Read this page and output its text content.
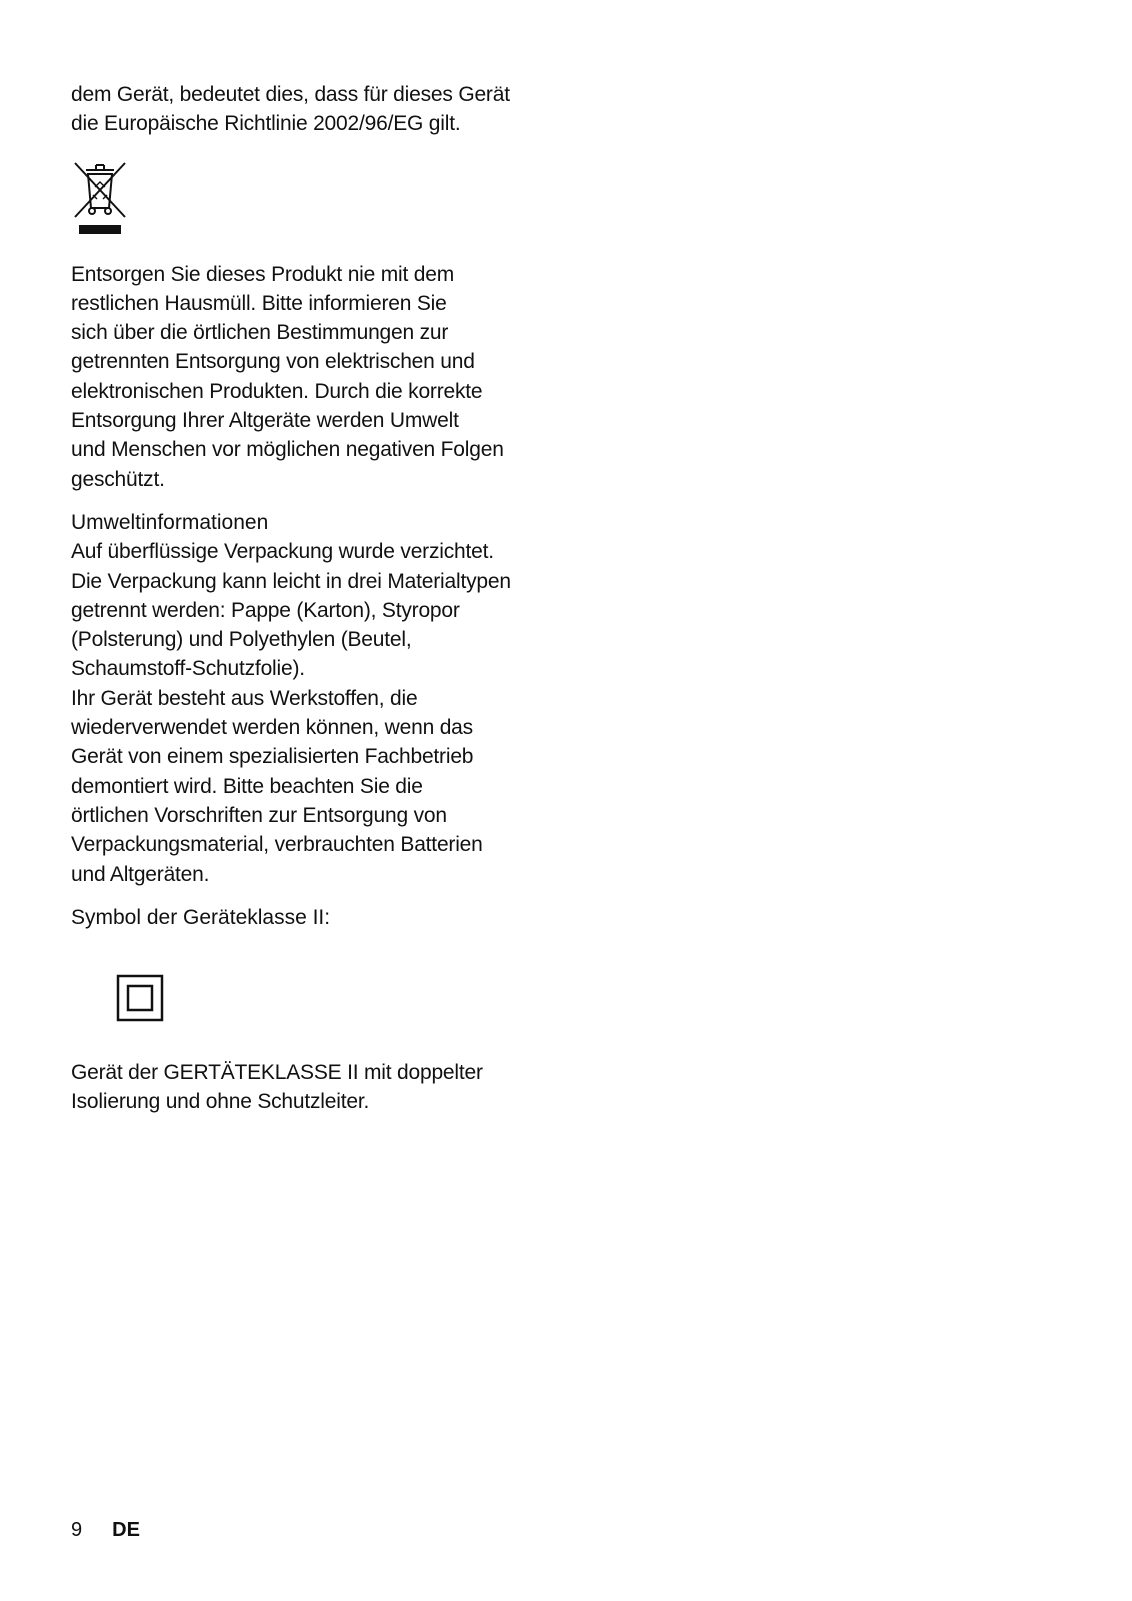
dem Gerät, bedeutet dies, dass für dieses Gerät
die Europäische Richtlinie 2002/96/EG gilt.

Entsorgen Sie dieses Produkt nie mit dem
restlichen Hausmüll. Bitte informieren Sie
sich über die örtlichen Bestimmungen zur
getrennten Entsorgung von elektrischen und
elektronischen Produkten. Durch die korrekte
Entsorgung Ihrer Altgeräte werden Umwelt
und Menschen vor möglichen negativen Folgen
geschützt.

Umweltinformationen

Auf überflüssige Verpackung wurde verzichtet.
Die Verpackung kann leicht in drei Materialtypen
getrennt werden: Pappe (Karton), Styropor
(Polsterung) und Polyethylen (Beutel,
Schaumstoff-Schutzfolie).
Ihr Gerät besteht aus Werkstoffen, die
wiederverwendet werden können, wenn das
Gerät von einem spezialisierten Fachbetrieb
demontiert wird. Bitte beachten Sie die
örtlichen Vorschriften zur Entsorgung von
Verpackungsmaterial, verbrauchten Batterien
und Altgeräten.

Symbol der Geräteklasse II:

Gerät der GERTÄTEKLASSE II mit doppelter
Isolierung und ohne Schutzleiter.

9 DE
